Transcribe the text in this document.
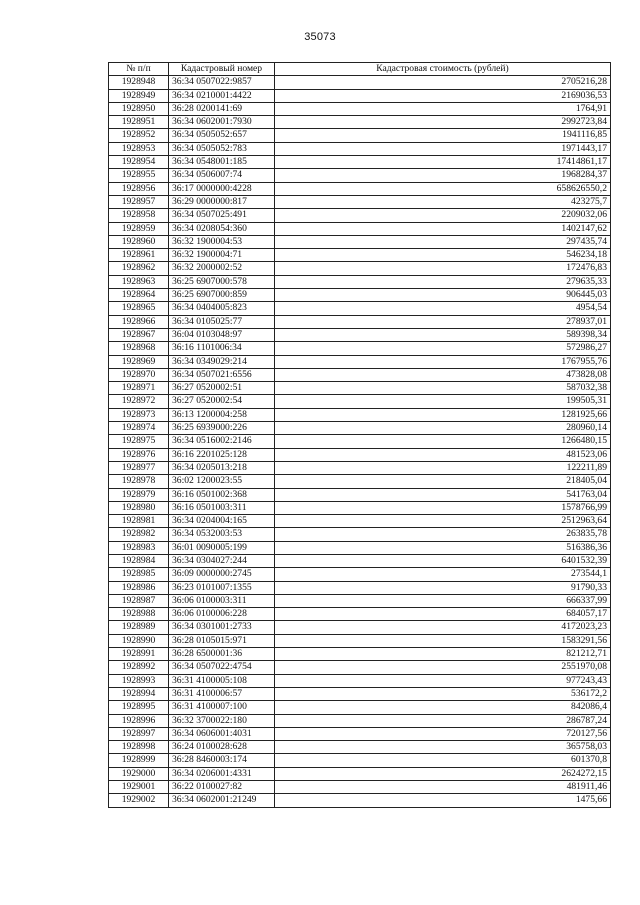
35073
№ п/п	Кадастровый номер	Кадастровая стоимость (рублей)
1928948	36:34 0507022:9857	2705216,28
1928949	36:34 0210001:4422	2169036,53
1928950	36:28 0200141:69	1764,91
1928951	36:34 0602001:7930	2992723,84
1928952	36:34 0505052:657	1941116,85
1928953	36:34 0505052:783	1971443,17
1928954	36:34 0548001:185	17414861,17
1928955	36:34 0506007:74	1968284,37
1928956	36:17 0000000:4228	658626550,2
1928957	36:29 0000000:817	423275,7
1928958	36:34 0507025:491	2209032,06
1928959	36:34 0208054:360	1402147,62
1928960	36:32 1900004:53	297435,74
1928961	36:32 1900004:71	546234,18
1928962	36:32 2000002:52	172476,83
1928963	36:25 6907000:578	279635,33
1928964	36:25 6907000:859	906445,03
1928965	36:34 0404005:823	4954,54
1928966	36:34 0105025:77	278937,01
1928967	36:04 0103048:97	589398,34
1928968	36:16 1101006:34	572986,27
1928969	36:34 0349029:214	1767955,76
1928970	36:34 0507021:6556	473828,08
1928971	36:27 0520002:51	587032,38
1928972	36:27 0520002:54	199505,31
1928973	36:13 1200004:258	1281925,66
1928974	36:25 6939000:226	280960,14
1928975	36:34 0516002:2146	1266480,15
1928976	36:16 2201025:128	481523,06
1928977	36:34 0205013:218	122211,89
1928978	36:02 1200023:55	218405,04
1928979	36:16 0501002:368	541763,04
1928980	36:16 0501003:311	1578766,99
1928981	36:34 0204004:165	2512963,64
1928982	36:34 0532003:53	263835,78
1928983	36:01 0090005:199	516386,36
1928984	36:34 0304027:244	6401532,39
1928985	36:09 0000000:2745	273544,1
1928986	36:23 0101007:1355	91790,33
1928987	36:06 0100003:311	666337,99
1928988	36:06 0100006:228	684057,17
1928989	36:34 0301001:2733	4172023,23
1928990	36:28 0105015:971	1583291,56
1928991	36:28 6500001:36	821212,71
1928992	36:34 0507022:4754	2551970,08
1928993	36:31 4100005:108	977243,43
1928994	36:31 4100006:57	536172,2
1928995	36:31 4100007:100	842086,4
1928996	36:32 3700022:180	286787,24
1928997	36:34 0606001:4031	720127,56
1928998	36:24 0100028:628	365758,03
1928999	36:28 8460003:174	601370,8
1929000	36:34 0206001:4331	2624272,15
1929001	36:22 0100027:82	481911,46
1929002	36:34 0602001:21249	1475,66
